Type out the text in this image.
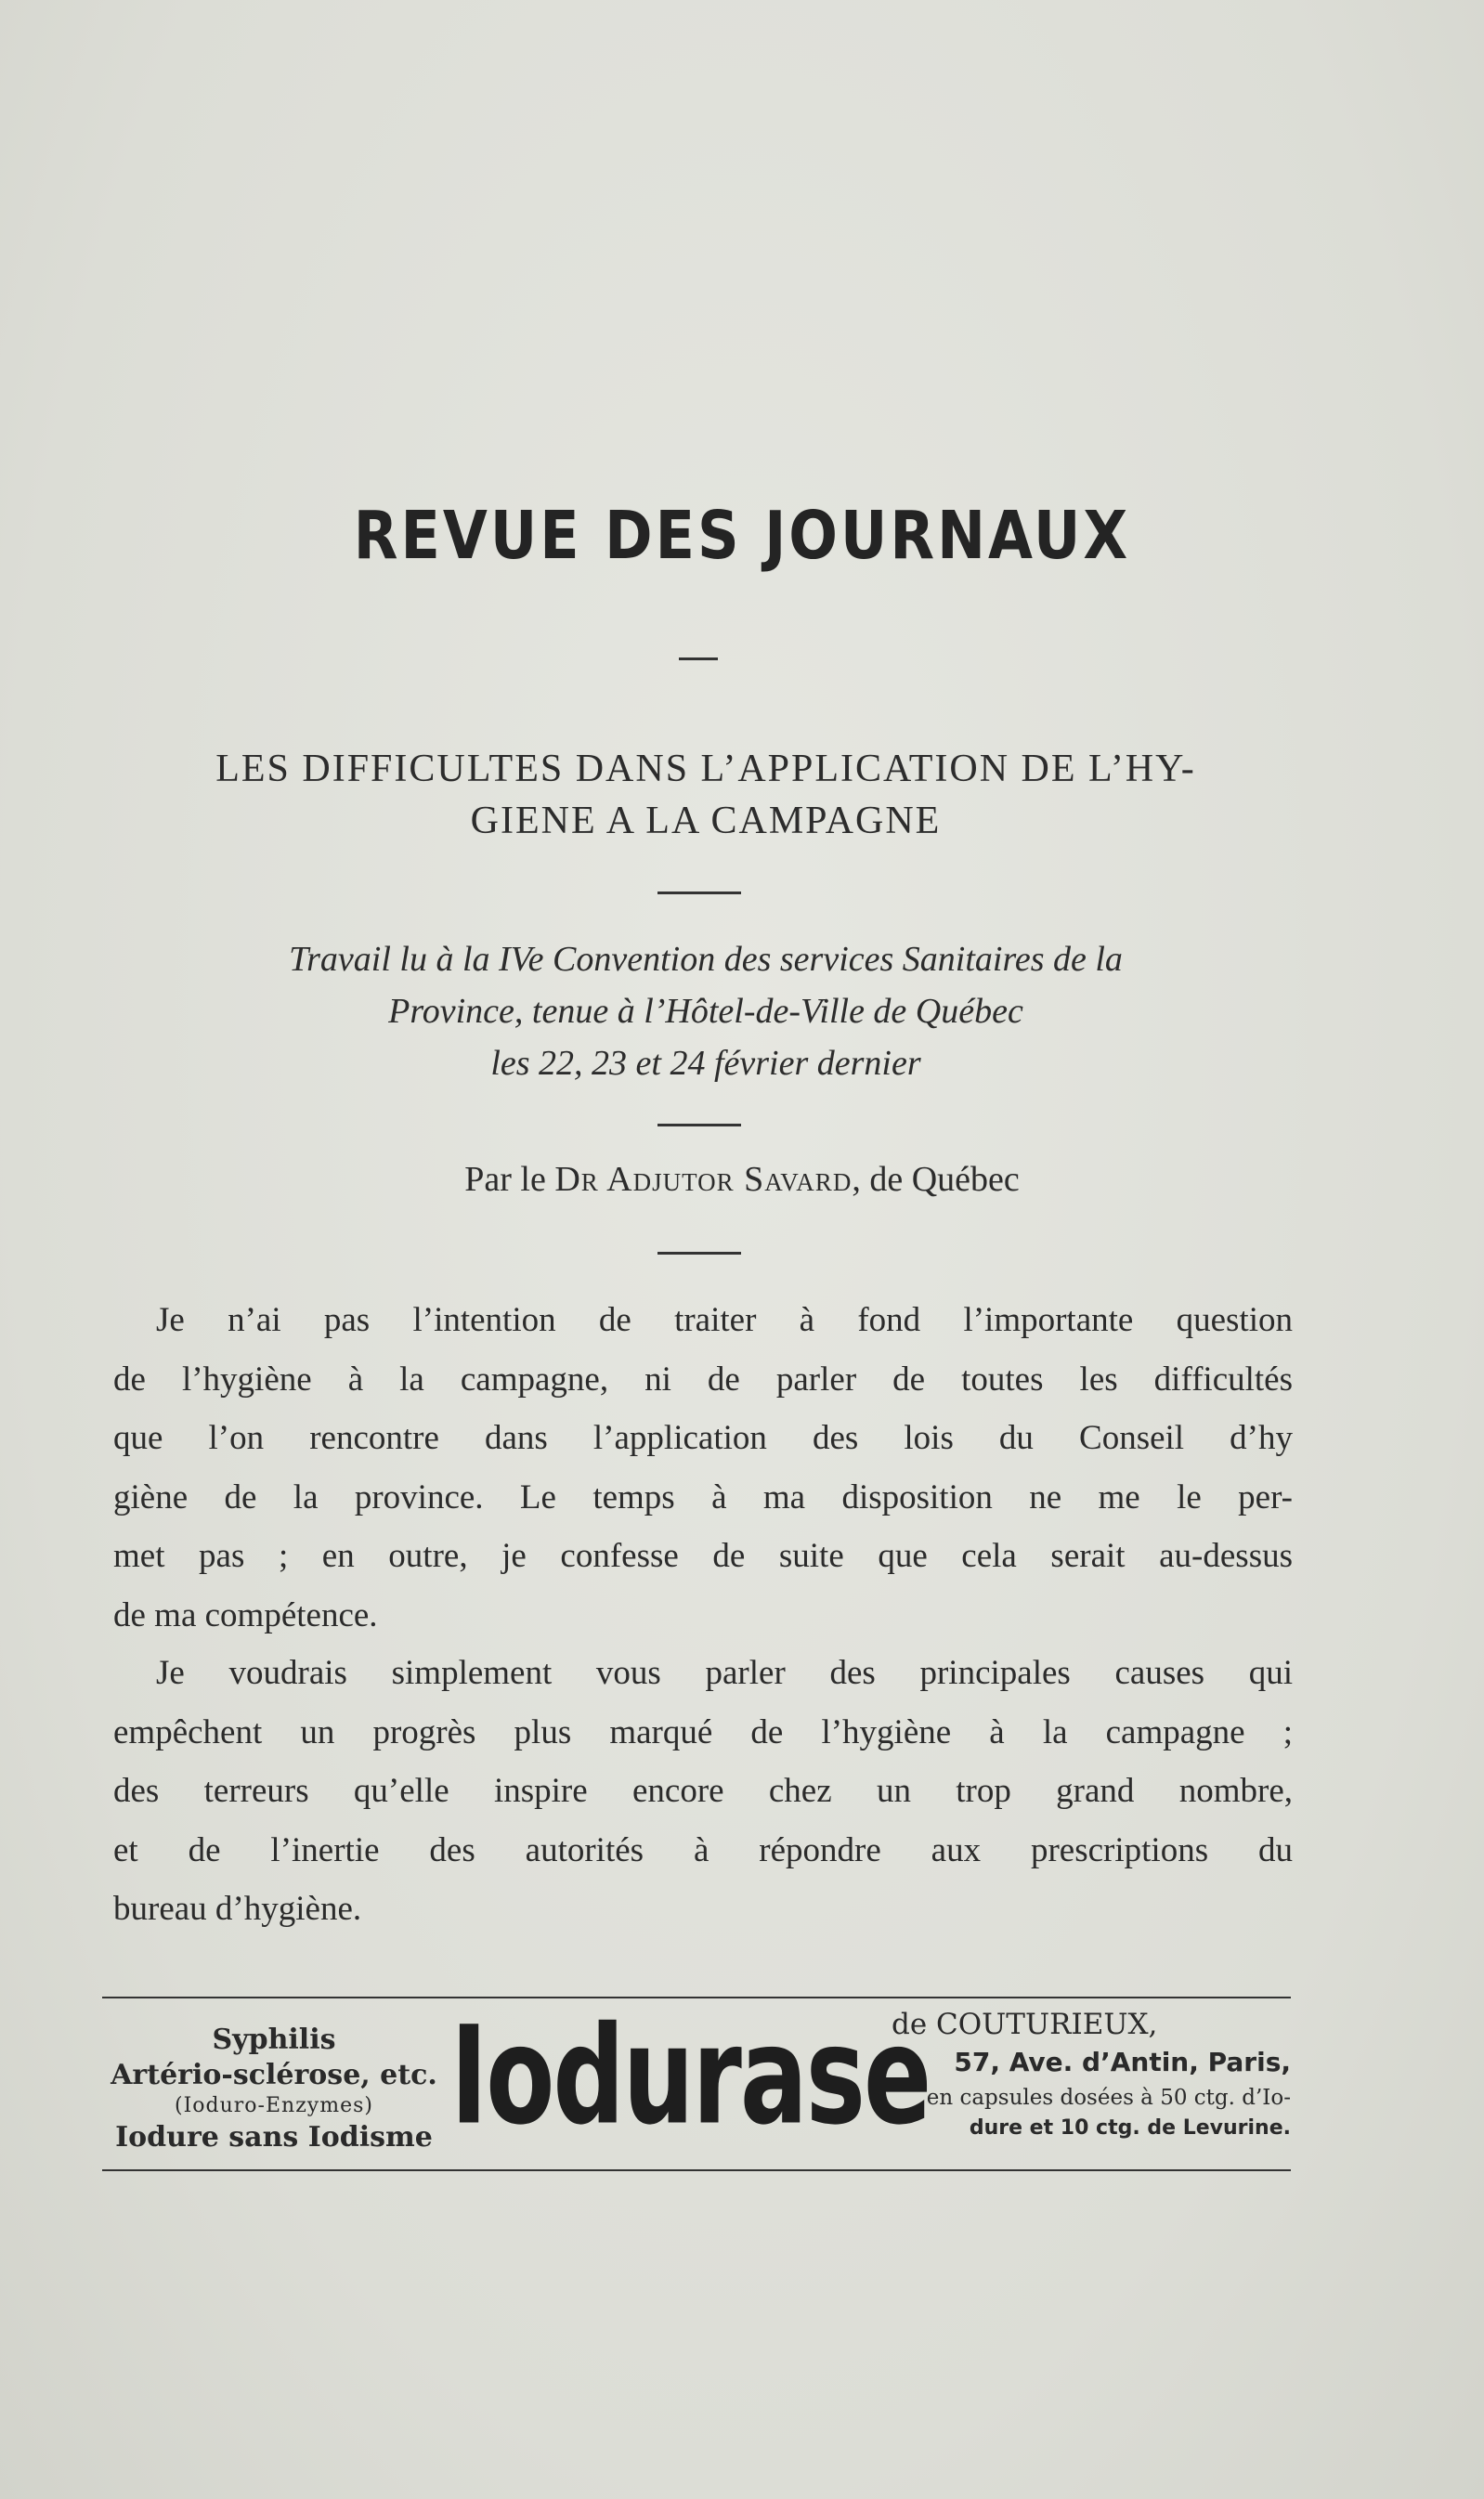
REVUE DES JOURNAUX
LES DIFFICULTES DANS L’APPLICATION DE L’HY-
GIENE A LA CAMPAGNE
Travail lu à la IVe Convention des services Sanitaires de la
Province, tenue à l’Hôtel-de-Ville de Québec
les 22, 23 et 24 février dernier
Par le Dr Adjutor Savard, de Québec
Je n’ai pas l’intention de traiter à fond l’importante question
de l’hygiène à la campagne, ni de parler de toutes les difficultés
que l’on rencontre dans l’application des lois du Conseil d’hy
giène de la province. Le temps à ma disposition ne me le per-
met pas ; en outre, je confesse de suite que cela serait au-dessus
de ma compétence.
Je voudrais simplement vous parler des principales causes qui
empêchent un progrès plus marqué de l’hygiène à la campagne ;
des terreurs qu’elle inspire encore chez un trop grand nombre,
et de l’inertie des autorités à répondre aux prescriptions du
bureau d’hygiène.
Syphilis
Artério-sclérose, etc.
(Ioduro-Enzymes)
Iodure sans Iodisme Iodurase
de COUTURIEUX,
57, Ave. d’Antin, Paris,
en capsules dosées à 50 ctg. d’Io-
dure et 10 ctg. de Levurine.
